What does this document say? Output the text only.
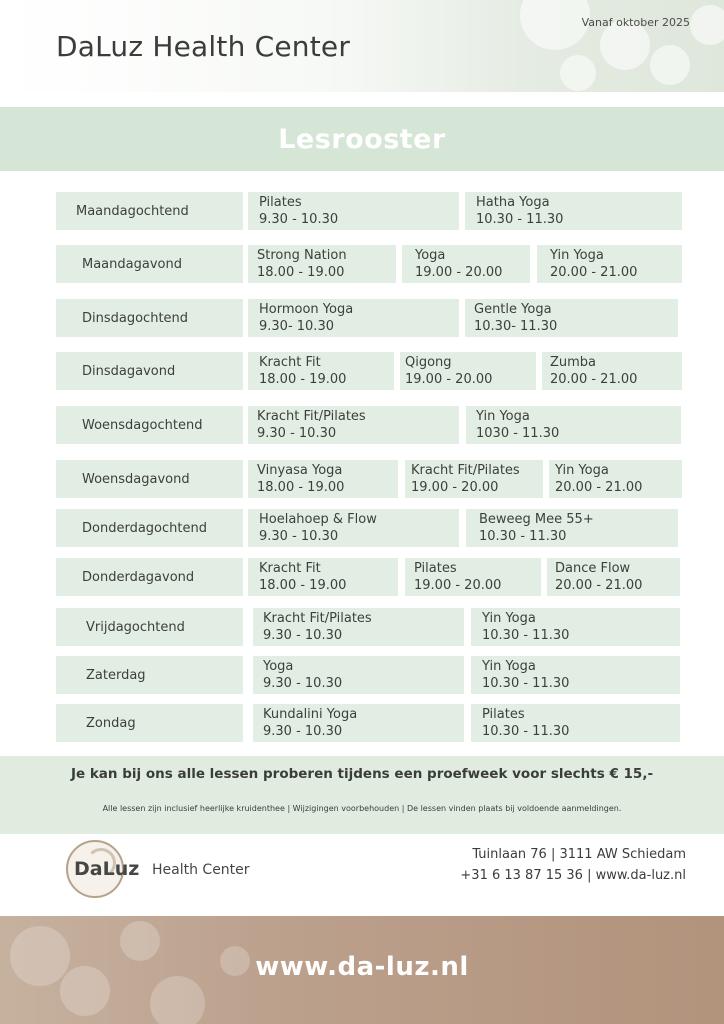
DaLuz Health Center
Vanaf oktober 2025
Lesrooster
Maandagochtend
Pilates
9.30 - 10.30
Hatha Yoga
10.30 - 11.30
Maandagavond
Strong Nation
18.00 - 19.00
Yoga
19.00 - 20.00
Yin Yoga
20.00 - 21.00
Dinsdagochtend
Hormoon Yoga
9.30- 10.30
Gentle Yoga
10.30- 11.30
Dinsdagavond
Kracht Fit
18.00 - 19.00
Qigong
19.00 - 20.00
Zumba
20.00 - 21.00
Woensdagochtend
Kracht Fit/Pilates
9.30 - 10.30
Yin Yoga
1030 - 11.30
Woensdagavond
Vinyasa Yoga
18.00 - 19.00
Kracht Fit/Pilates
19.00 - 20.00
Yin Yoga
20.00 - 21.00
Donderdagochtend
Hoelahoep & Flow
9.30 - 10.30
Beweeg Mee 55+
10.30 - 11.30
Donderdagavond
Kracht Fit
18.00 - 19.00
Pilates
19.00 - 20.00
Dance Flow
20.00 - 21.00
Vrijdagochtend
Kracht Fit/Pilates
9.30 - 10.30
Yin Yoga
10.30 - 11.30
Zaterdag
Yoga
9.30 - 10.30
Yin Yoga
10.30 - 11.30
Zondag
Kundalini Yoga
9.30 - 10.30
Pilates
10.30 - 11.30
Je kan bij ons alle lessen proberen tijdens een proefweek voor slechts € 15,-
Alle lessen zijn inclusief heerlijke kruidenthee | Wijzigingen voorbehouden | De lessen vinden plaats bij voldoende aanmeldingen.
DaLuz Health Center
Tuinlaan 76 | 3111 AW Schiedam
+31 6 13 87 15 36 | www.da-luz.nl
www.da-luz.nl
